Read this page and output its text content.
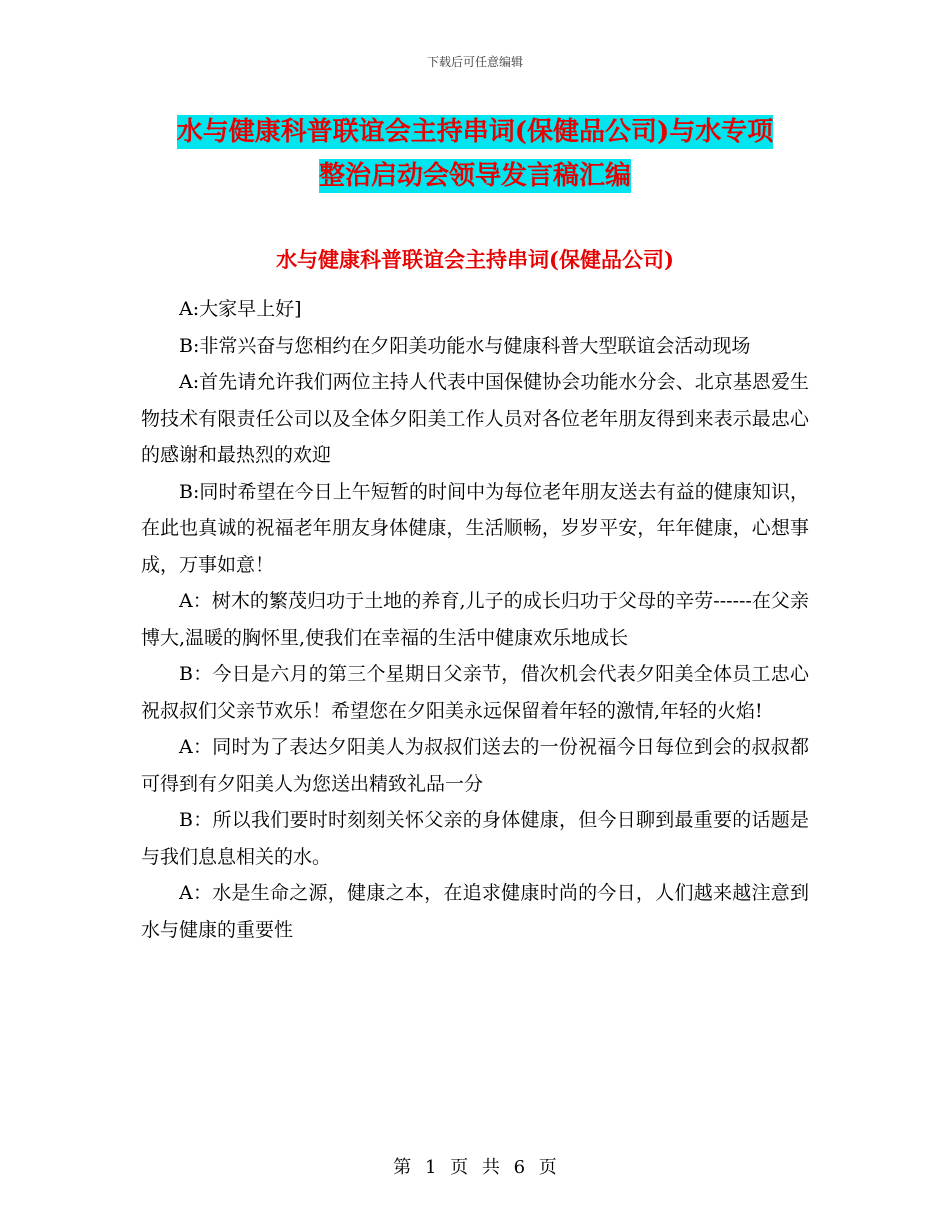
下载后可任意编辑
水与健康科普联谊会主持串词(保健品公司)与水专项
整治启动会领导发言稿汇编
水与健康科普联谊会主持串词(保健品公司)

A:大家早上好]

B:非常兴奋与您相约在夕阳美功能水与健康科普大型联谊会活动现场

A:首先请允许我们两位主持人代表中国保健协会功能水分会、北京基恩爱生物技术有限责任公司以及全体夕阳美工作人员对各位老年朋友得到来表示最忠心的感谢和最热烈的欢迎

B:同时希望在今日上午短暂的时间中为每位老年朋友送去有益的健康知识，在此也真诚的祝福老年朋友身体健康，生活顺畅，岁岁平安，年年健康，心想事成，万事如意！

A：树木的繁茂归功于土地的养育,儿子的成长归功于父母的辛劳------在父亲博大,温暖的胸怀里,使我们在幸福的生活中健康欢乐地成长

B：今日是六月的第三个星期日父亲节，借次机会代表夕阳美全体员工忠心祝叔叔们父亲节欢乐！希望您在夕阳美永远保留着年轻的激情,年轻的火焰!

A：同时为了表达夕阳美人为叔叔们送去的一份祝福今日每位到会的叔叔都可得到有夕阳美人为您送出精致礼品一分

B：所以我们要时时刻刻关怀父亲的身体健康，但今日聊到最重要的话题是与我们息息相关的水。

A：水是生命之源，健康之本，在追求健康时尚的今日，人们越来越注意到水与健康的重要性

第 1 页 共 6 页
